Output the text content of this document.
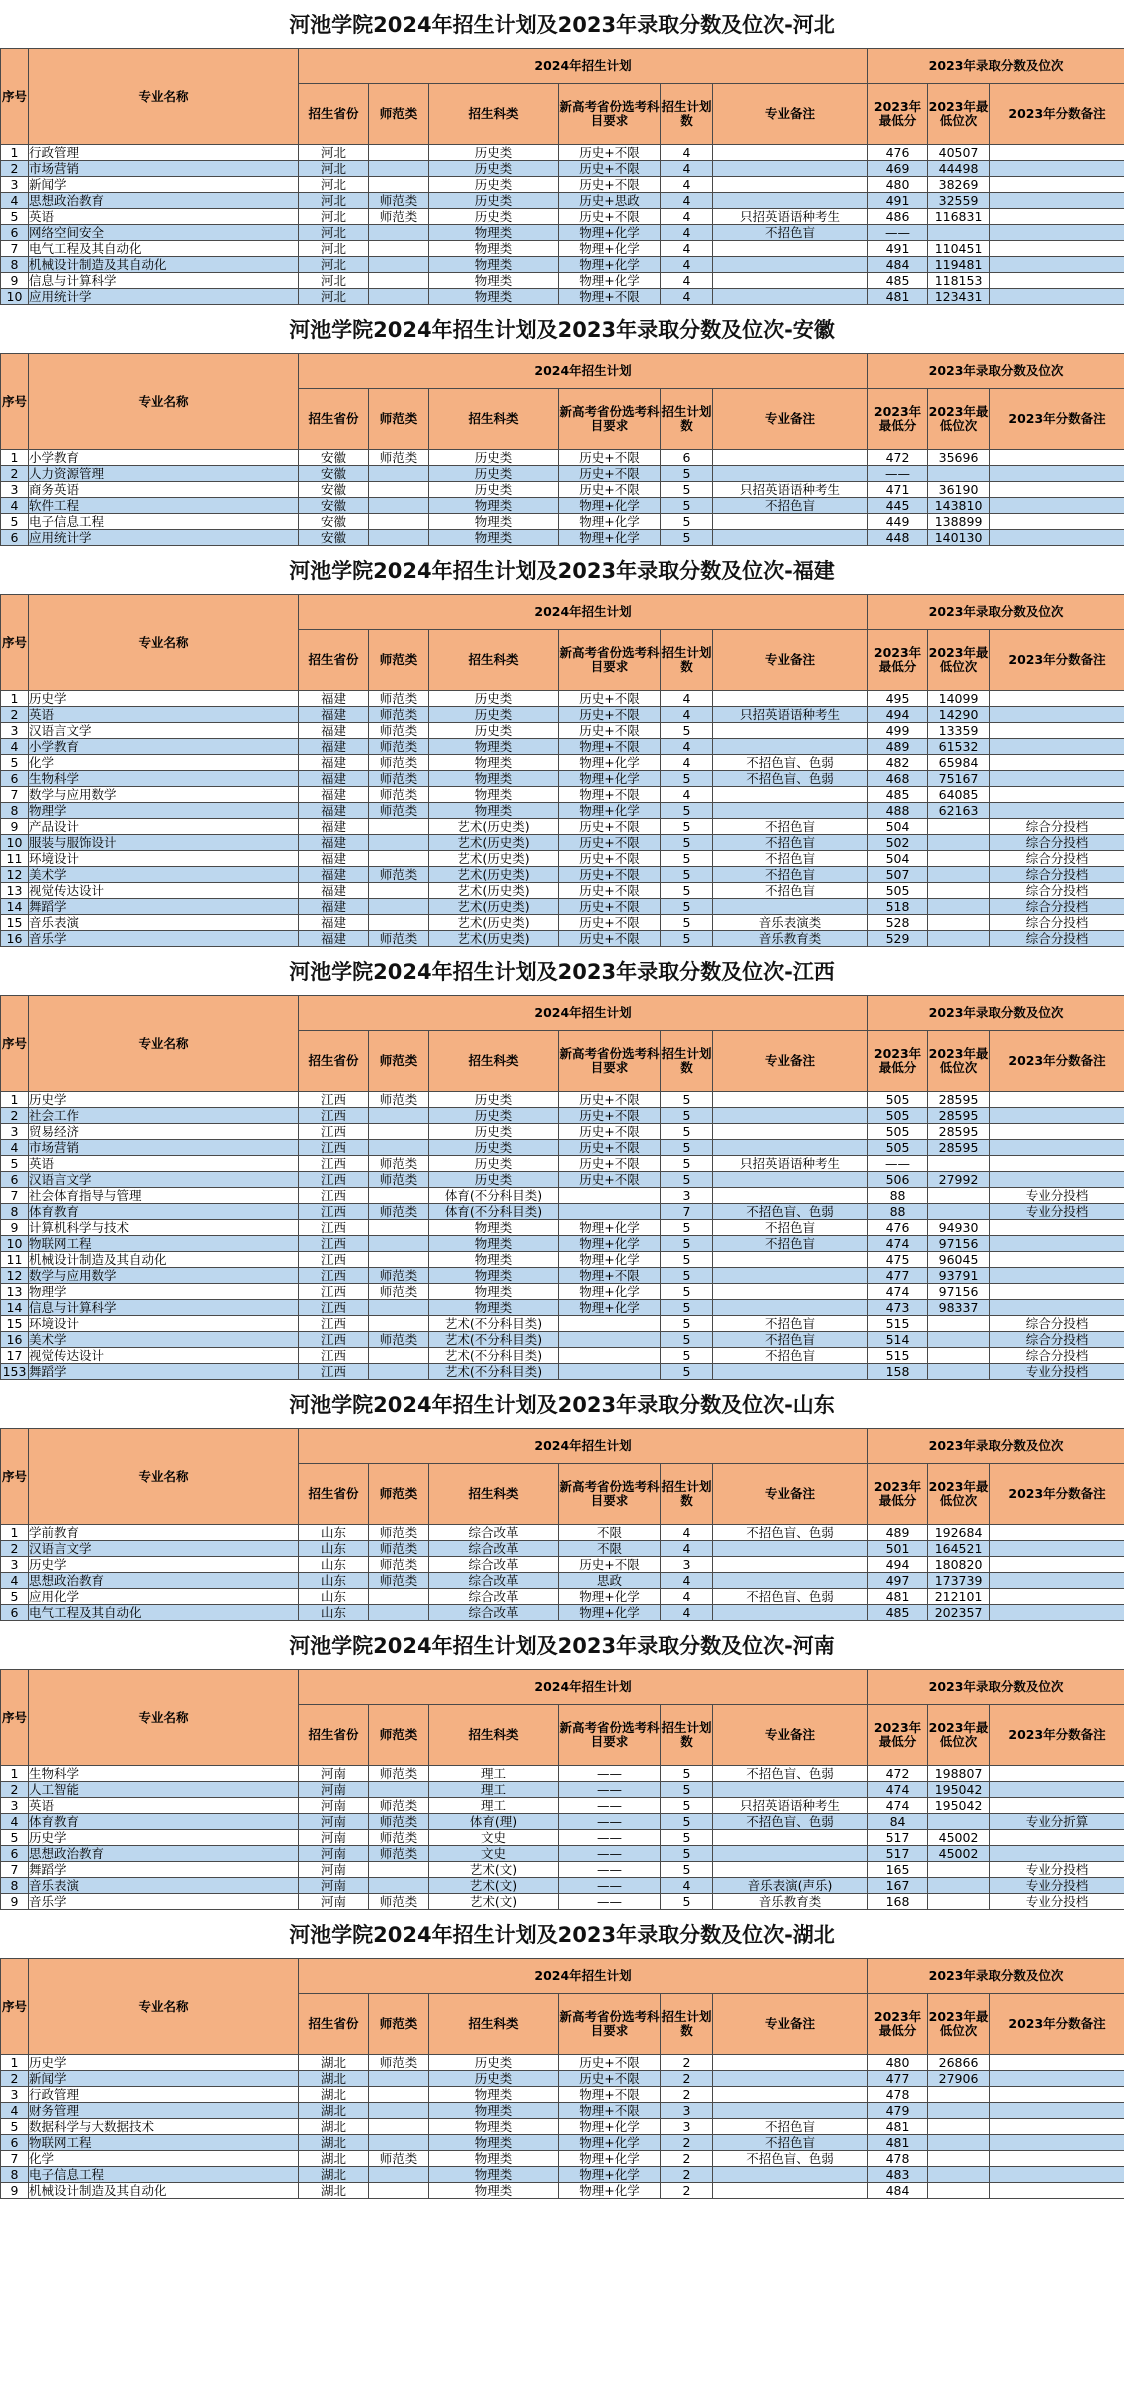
河池学院2024年招生计划及2023年录取分数及位次-河北
序号	专业名称	2024年招生计划						2023年录取分数及位次		
		招生省份	师范类	招生科类	新高考省份选考科目要求	招生计划数	专业备注	2023年最低分	2023年最低位次	2023年分数备注
1	行政管理	河北		历史类	历史+不限	4		476	40507	
2	市场营销	河北		历史类	历史+不限	4		469	44498	
3	新闻学	河北		历史类	历史+不限	4		480	38269	
4	思想政治教育	河北	师范类	历史类	历史+思政	4		491	32559	
5	英语	河北	师范类	历史类	历史+不限	4	只招英语语种考生	486	116831	
6	网络空间安全	河北		物理类	物理+化学	4	不招色盲	——		
7	电气工程及其自动化	河北		物理类	物理+化学	4		491	110451	
8	机械设计制造及其自动化	河北		物理类	物理+化学	4		484	119481	
9	信息与计算科学	河北		物理类	物理+化学	4		485	118153	
10	应用统计学	河北		物理类	物理+不限	4		481	123431	
河池学院2024年招生计划及2023年录取分数及位次-安徽
序号	专业名称	2024年招生计划						2023年录取分数及位次		
		招生省份	师范类	招生科类	新高考省份选考科目要求	招生计划数	专业备注	2023年最低分	2023年最低位次	2023年分数备注
1	小学教育	安徽	师范类	历史类	历史+不限	6		472	35696	
2	人力资源管理	安徽		历史类	历史+不限	5		——		
3	商务英语	安徽		历史类	历史+不限	5	只招英语语种考生	471	36190	
4	软件工程	安徽		物理类	物理+化学	5	不招色盲	445	143810	
5	电子信息工程	安徽		物理类	物理+化学	5		449	138899	
6	应用统计学	安徽		物理类	物理+化学	5		448	140130	
河池学院2024年招生计划及2023年录取分数及位次-福建
序号	专业名称	2024年招生计划						2023年录取分数及位次		
		招生省份	师范类	招生科类	新高考省份选考科目要求	招生计划数	专业备注	2023年最低分	2023年最低位次	2023年分数备注
1	历史学	福建	师范类	历史类	历史+不限	4		495	14099	
2	英语	福建	师范类	历史类	历史+不限	4	只招英语语种考生	494	14290	
3	汉语言文学	福建	师范类	历史类	历史+不限	5		499	13359	
4	小学教育	福建	师范类	物理类	物理+不限	4		489	61532	
5	化学	福建	师范类	物理类	物理+化学	4	不招色盲、色弱	482	65984	
6	生物科学	福建	师范类	物理类	物理+化学	5	不招色盲、色弱	468	75167	
7	数学与应用数学	福建	师范类	物理类	物理+不限	4		485	64085	
8	物理学	福建	师范类	物理类	物理+化学	5		488	62163	
9	产品设计	福建		艺术(历史类)	历史+不限	5	不招色盲	504		综合分投档
10	服装与服饰设计	福建		艺术(历史类)	历史+不限	5	不招色盲	502		综合分投档
11	环境设计	福建		艺术(历史类)	历史+不限	5	不招色盲	504		综合分投档
12	美术学	福建	师范类	艺术(历史类)	历史+不限	5	不招色盲	507		综合分投档
13	视觉传达设计	福建		艺术(历史类)	历史+不限	5	不招色盲	505		综合分投档
14	舞蹈学	福建		艺术(历史类)	历史+不限	5		518		综合分投档
15	音乐表演	福建		艺术(历史类)	历史+不限	5	音乐表演类	528		综合分投档
16	音乐学	福建	师范类	艺术(历史类)	历史+不限	5	音乐教育类	529		综合分投档
河池学院2024年招生计划及2023年录取分数及位次-江西
序号	专业名称	2024年招生计划						2023年录取分数及位次		
		招生省份	师范类	招生科类	新高考省份选考科目要求	招生计划数	专业备注	2023年最低分	2023年最低位次	2023年分数备注
1	历史学	江西	师范类	历史类	历史+不限	5		505	28595	
2	社会工作	江西		历史类	历史+不限	5		505	28595	
3	贸易经济	江西		历史类	历史+不限	5		505	28595	
4	市场营销	江西		历史类	历史+不限	5		505	28595	
5	英语	江西	师范类	历史类	历史+不限	5	只招英语语种考生	——		
6	汉语言文学	江西	师范类	历史类	历史+不限	5		506	27992	
7	社会体育指导与管理	江西		体育(不分科目类)		3		88		专业分投档
8	体育教育	江西	师范类	体育(不分科目类)		7	不招色盲、色弱	88		专业分投档
9	计算机科学与技术	江西		物理类	物理+化学	5	不招色盲	476	94930	
10	物联网工程	江西		物理类	物理+化学	5	不招色盲	474	97156	
11	机械设计制造及其自动化	江西		物理类	物理+化学	5		475	96045	
12	数学与应用数学	江西	师范类	物理类	物理+不限	5		477	93791	
13	物理学	江西	师范类	物理类	物理+化学	5		474	97156	
14	信息与计算科学	江西		物理类	物理+化学	5		473	98337	
15	环境设计	江西		艺术(不分科目类)		5	不招色盲	515		综合分投档
16	美术学	江西	师范类	艺术(不分科目类)		5	不招色盲	514		综合分投档
17	视觉传达设计	江西		艺术(不分科目类)		5	不招色盲	515		综合分投档
153	舞蹈学	江西		艺术(不分科目类)		5		158		专业分投档
河池学院2024年招生计划及2023年录取分数及位次-山东
序号	专业名称	2024年招生计划						2023年录取分数及位次		
		招生省份	师范类	招生科类	新高考省份选考科目要求	招生计划数	专业备注	2023年最低分	2023年最低位次	2023年分数备注
1	学前教育	山东	师范类	综合改革	不限	4	不招色盲、色弱	489	192684	
2	汉语言文学	山东	师范类	综合改革	不限	4		501	164521	
3	历史学	山东	师范类	综合改革	历史+不限	3		494	180820	
4	思想政治教育	山东	师范类	综合改革	思政	4		497	173739	
5	应用化学	山东		综合改革	物理+化学	4	不招色盲、色弱	481	212101	
6	电气工程及其自动化	山东		综合改革	物理+化学	4		485	202357	
河池学院2024年招生计划及2023年录取分数及位次-河南
序号	专业名称	2024年招生计划						2023年录取分数及位次		
		招生省份	师范类	招生科类	新高考省份选考科目要求	招生计划数	专业备注	2023年最低分	2023年最低位次	2023年分数备注
1	生物科学	河南	师范类	理工	——	5	不招色盲、色弱	472	198807	
2	人工智能	河南		理工	——	5		474	195042	
3	英语	河南	师范类	理工	——	5	只招英语语种考生	474	195042	
4	体育教育	河南	师范类	体育(理)	——	5	不招色盲、色弱	84		专业分折算
5	历史学	河南	师范类	文史	——	5		517	45002	
6	思想政治教育	河南	师范类	文史	——	5		517	45002	
7	舞蹈学	河南		艺术(文)	——	5		165		专业分投档
8	音乐表演	河南		艺术(文)	——	4	音乐表演(声乐)	167		专业分投档
9	音乐学	河南	师范类	艺术(文)	——	5	音乐教育类	168		专业分投档
河池学院2024年招生计划及2023年录取分数及位次-湖北
序号	专业名称	2024年招生计划						2023年录取分数及位次		
		招生省份	师范类	招生科类	新高考省份选考科目要求	招生计划数	专业备注	2023年最低分	2023年最低位次	2023年分数备注
1	历史学	湖北	师范类	历史类	历史+不限	2		480	26866	
2	新闻学	湖北		历史类	历史+不限	2		477	27906	
3	行政管理	湖北		物理类	物理+不限	2		478		
4	财务管理	湖北		物理类	物理+不限	3		479		
5	数据科学与大数据技术	湖北		物理类	物理+化学	3	不招色盲	481		
6	物联网工程	湖北		物理类	物理+化学	2	不招色盲	481		
7	化学	湖北	师范类	物理类	物理+化学	2	不招色盲、色弱	478		
8	电子信息工程	湖北		物理类	物理+化学	2		483		
9	机械设计制造及其自动化	湖北		物理类	物理+化学	2		484		
